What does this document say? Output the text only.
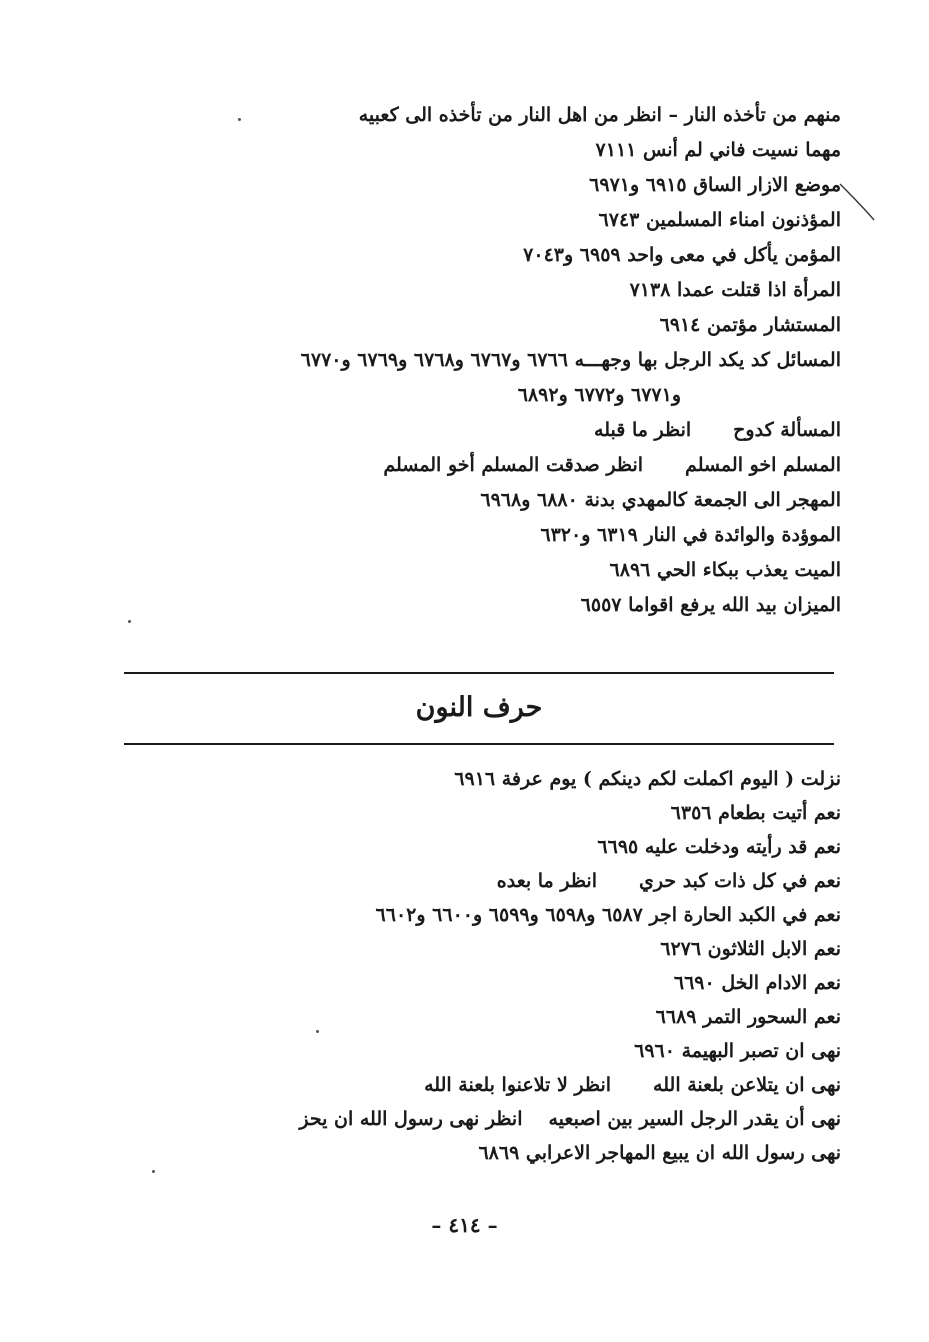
منهم من تأخذه النار – انظر من اهل النار من تأخذه الى كعبيه
مهما نسيت فاني لم أنس ٧١١١
موضع الازار الساق ٦٩١٥ و٦٩٧١
المؤذنون امناء المسلمين ٦٧٤٣
المؤمن يأكل في معى واحد ٦٩٥٩ و٧٠٤٣
المرأة اذا قتلت عمدا ٧١٣٨
المستشار مؤتمن ٦٩١٤
المسائل كد يكد الرجل بها وجهـــه ٦٧٦٦ و٦٧٦٧ و٦٧٦٨ و٦٧٦٩ و٦٧٧٠
و٦٧٧١ و٦٧٧٢ و٦٨٩٢
المسألة كدوحانظر ما قبله
المسلم اخو المسلمانظر صدقت المسلم أخو المسلم
المهجر الى الجمعة كالمهدي بدنة ٦٨٨٠ و٦٩٦٨
الموؤدة والوائدة في النار ٦٣١٩ و٦٣٢٠
الميت يعذب ببكاء الحي ٦٨٩٦
الميزان بيد الله يرفع اقواما ٦٥٥٧
حرف النون
نزلت ( اليوم اكملت لكم دينكم ) يوم عرفة ٦٩١٦
نعم أتيت بطعام ٦٣٥٦
نعم قد رأيته ودخلت عليه ٦٦٩٥
نعم في كل ذات كبد حريانظر ما بعده
نعم في الكبد الحارة اجر ٦٥٨٧ و٦٥٩٨ و٦٥٩٩ و٦٦٠٠ و٦٦٠٢
نعم الابل الثلاثون ٦٢٧٦
نعم الادام الخل ٦٦٩٠
نعم السحور التمر ٦٦٨٩
نهى ان تصبر البهيمة ٦٩٦٠
نهى ان يتلاعن بلعنة اللهانظر لا تلاعنوا بلعنة الله
نهى أن يقدر الرجل السير بين اصبعيهانظر نهى رسول الله ان يحز
نهى رسول الله ان يبيع المهاجر الاعرابي ٦٨٦٩
– ٤١٤ –
